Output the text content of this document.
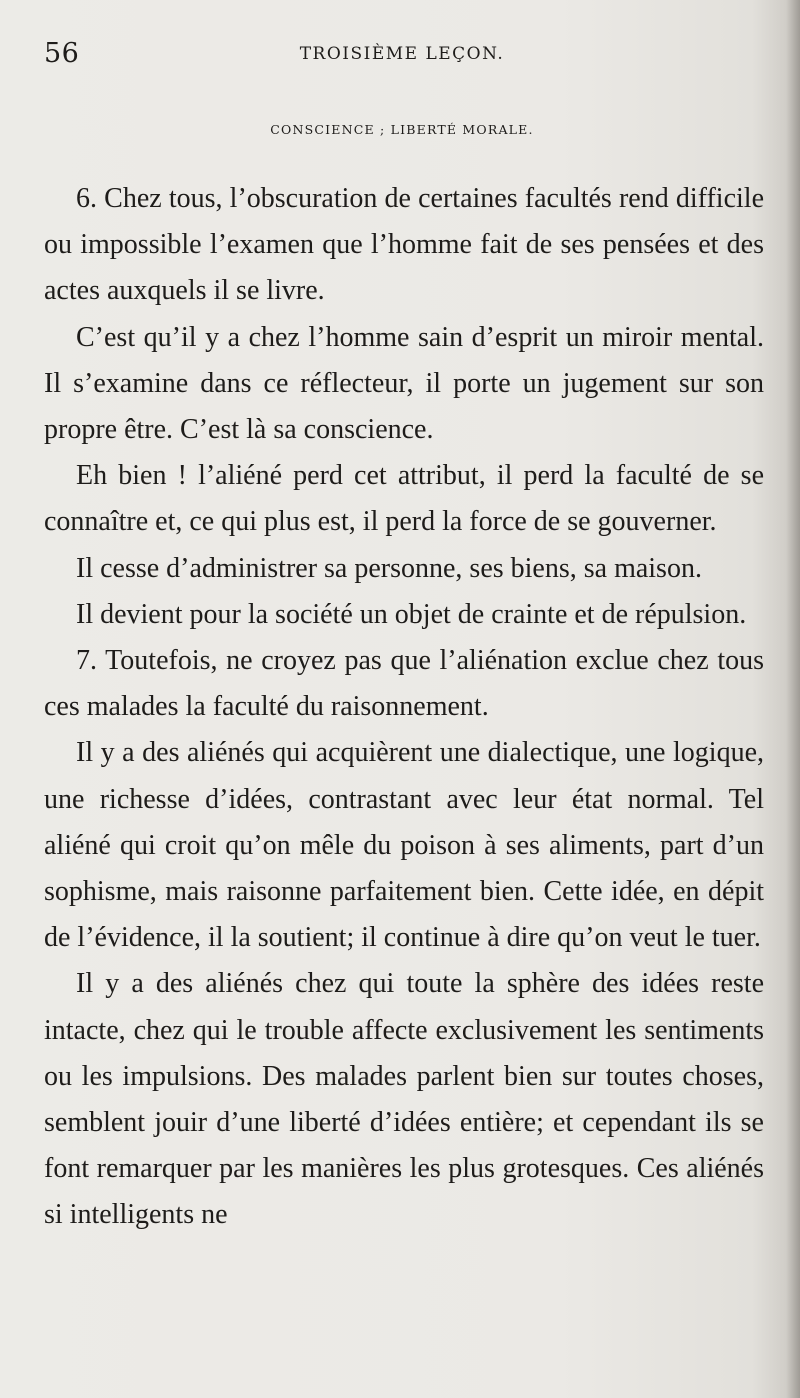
56	TROISIÈME LEÇON.
CONSCIENCE ; LIBERTÉ MORALE.

6. Chez tous, l’obscuration de certaines facultés rend difficile ou impossible l’examen que l’homme fait de ses pensées et des actes auxquels il se livre.

C’est qu’il y a chez l’homme sain d’esprit un miroir mental. Il s’examine dans ce réflecteur, il porte un jugement sur son propre être. C’est là sa conscience.

Eh bien ! l’aliéné perd cet attribut, il perd la faculté de se connaître et, ce qui plus est, il perd la force de se gouverner.

Il cesse d’administrer sa personne, ses biens, sa maison.

Il devient pour la société un objet de crainte et de répulsion.

7. Toutefois, ne croyez pas que l’aliénation exclue chez tous ces malades la faculté du raisonnement.

Il y a des aliénés qui acquièrent une dialectique, une logique, une richesse d’idées, contrastant avec leur état normal. Tel aliéné qui croit qu’on mêle du poison à ses aliments, part d’un sophisme, mais raisonne parfaitement bien. Cette idée, en dépit de l’évidence, il la soutient; il continue à dire qu’on veut le tuer.

Il y a des aliénés chez qui toute la sphère des idées reste intacte, chez qui le trouble affecte exclusivement les sentiments ou les impulsions. Des malades parlent bien sur toutes choses, semblent jouir d’une liberté d’idées entière; et cependant ils se font remarquer par les manières les plus grotesques. Ces aliénés si intelligents ne
